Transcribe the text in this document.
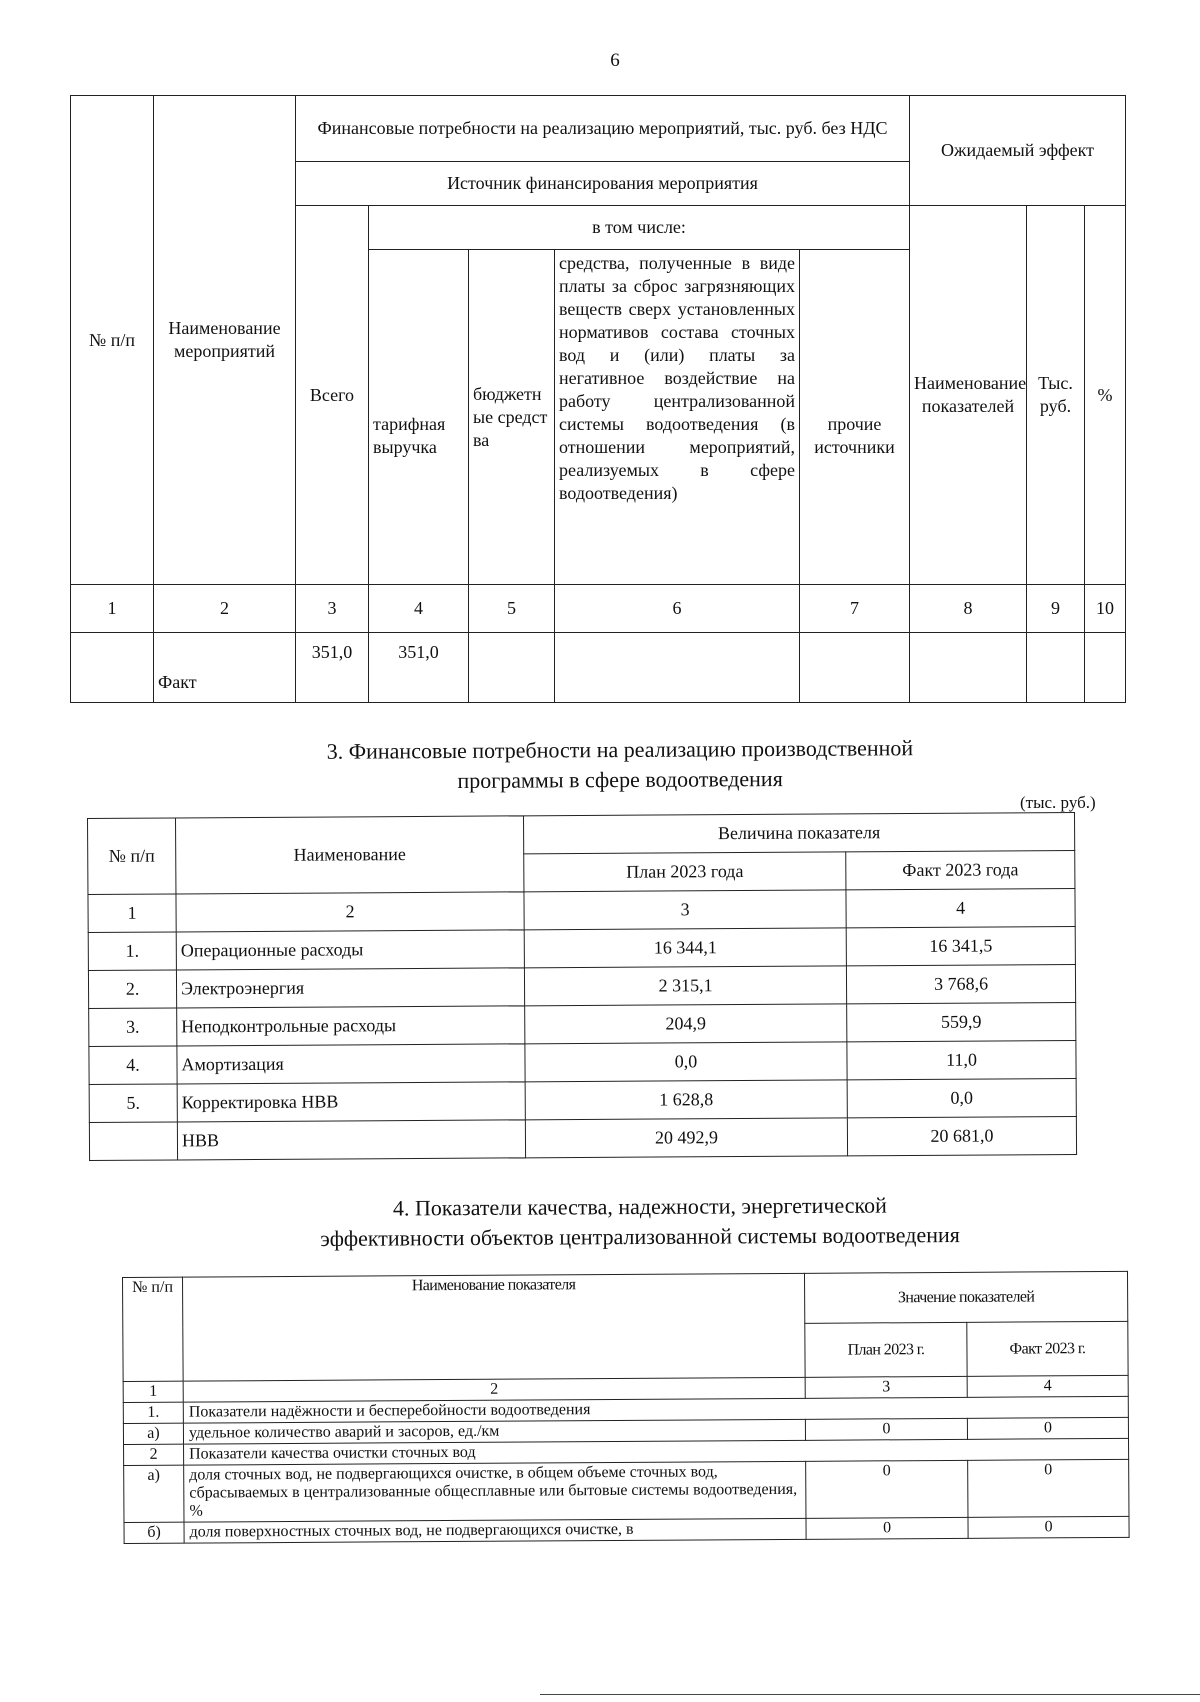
6
№ п/п	Наименование мероприятий	Финансовые потребности на реализацию мероприятий, тыс. руб. без НДС					Ожидаемый эффект		
		Источник финансирования мероприятия							
		Всего	в том числе:				Наименование показателей	Тыс. руб.	%
			тарифная выручка	бюджетные средства	средства, полученные в виде платы за сброс загрязняющих веществ сверх установленных нормативов состава сточных вод и (или) платы за негативное воздействие на работу централизованной системы водоотведения (в отношении мероприятий, реализуемых в сфере водоотведения)	прочие источники			
1	2	3	4	5	6	7	8	9	10
	Факт	351,0	351,0						
3. Финансовые потребности на реализацию производственной
программы в сфере водоотведения
(тыс. руб.)
№ п/п	Наименование	Величина показателя	
		План 2023 года	Факт 2023 года
1	2	3	4
1.	Операционные расходы	16 344,1	16 341,5
2.	Электроэнергия	2 315,1	3 768,6
3.	Неподконтрольные расходы	204,9	559,9
4.	Амортизация	0,0	11,0
5.	Корректировка НВВ	1 628,8	0,0
	НВВ	20 492,9	20 681,0
4. Показатели качества, надежности, энергетической
эффективности объектов централизованной системы водоотведения
№ п/п	Наименование показателя	Значение показателей	
		План 2023 г.	Факт 2023 г.
1	2	3	4
1.	Показатели надёжности и бесперебойности водоотведения		
а)	удельное количество аварий и засоров, ед./км	0	0
2	Показатели качества очистки сточных вод		
а)	доля сточных вод, не подвергающихся очистке, в общем объеме сточных вод, сбрасываемых в централизованные общесплавные или бытовые системы водоотведения, %	0	0
б)	доля поверхностных сточных вод, не подвергающихся очистке, в	0	0
